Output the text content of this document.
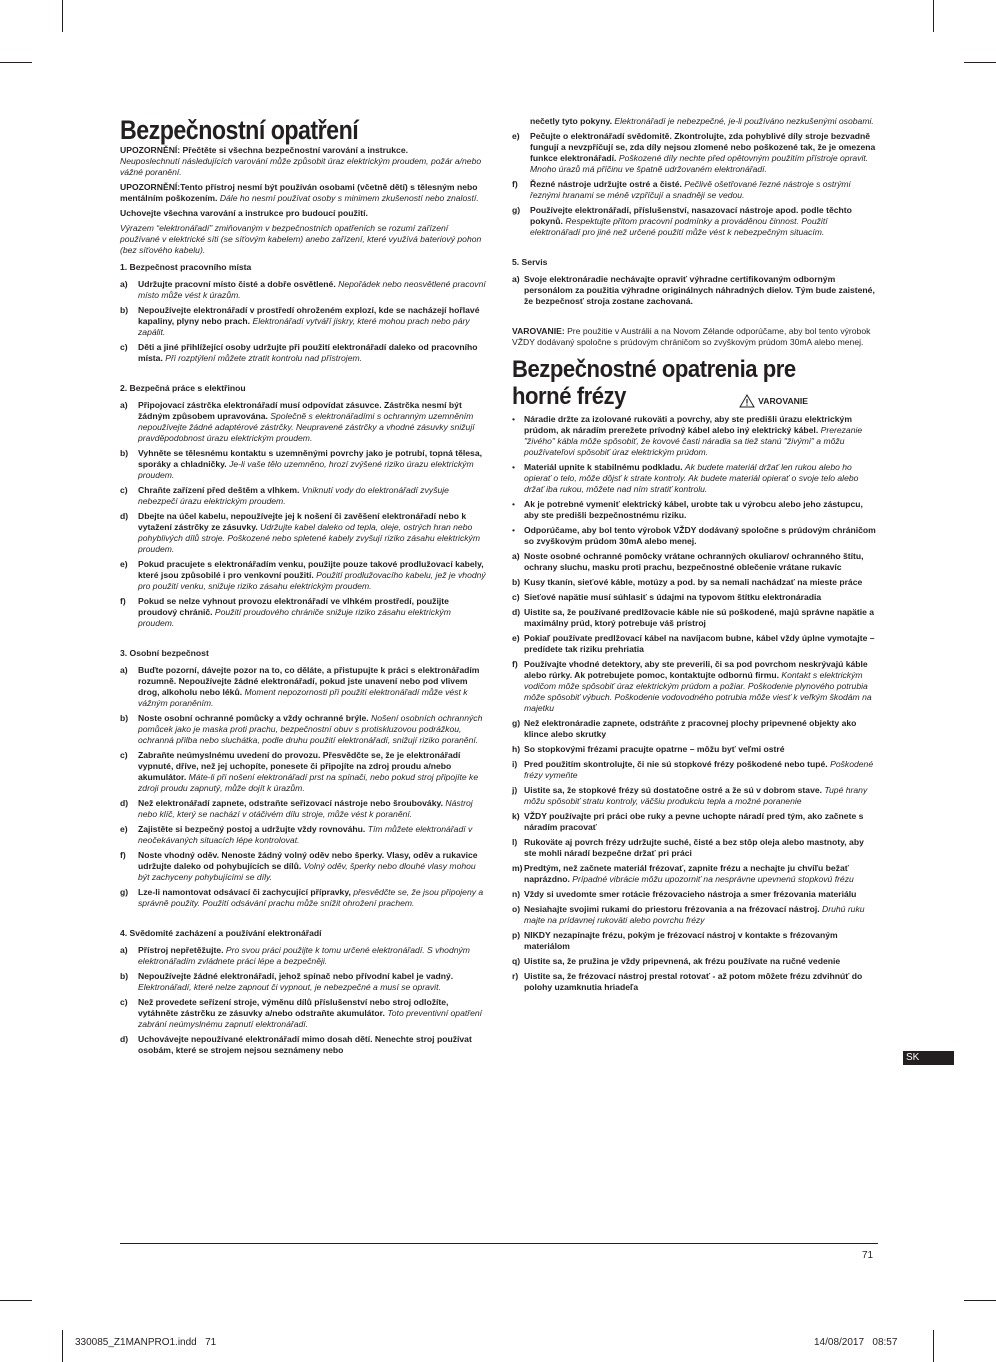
Bezpečnostní opatření
UPOZORNĚNÍ: Přečtěte si všechna bezpečnostní varování a instrukce.
Neuposlechnutí následujících varování může způsobit úraz elektrickým proudem, požár a/nebo vážné poranění.
UPOZORNĚNÍ:Tento přístroj nesmí být používán osobami (včetně dětí) s tělesným nebo mentálním poškozením. Dále ho nesmí používat osoby s minimem zkušeností nebo znalostí.
Uchovejte všechna varování a instrukce pro budoucí použití.
Výrazem “elektronářadí” zmiňovaným v bezpečnostních opatřeních se rozumí zařízení používané v elektrické síti (se síťovým kabelem) anebo zařízení, které využívá bateriový pohon (bez síťového kabelu).
1. Bezpečnost pracovního místa
a)	Udržujte pracovní místo čisté a dobře osvětlené. Nepořádek nebo neosvětlené pracovní místo může vést k úrazům.
b)	Nepoužívejte elektronářadí v prostředí ohroženém explozí, kde se nacházejí hořlavé kapaliny, plyny nebo prach. Elektronářadí vytváří jiskry, které mohou prach nebo páry zapálit.
c)	Děti a jiné přihlížející osoby udržujte při použití elektronářadí daleko od pracovního místa. Při rozptýlení můžete ztratit kontrolu nad přístrojem.
2. Bezpečná práce s elektřinou
a)	Připojovací zástrčka elektronářadí musí odpovídat zásuvce. Zástrčka nesmí být žádným způsobem upravována. Společně s elektronářadími s ochranným uzemněním nepoužívejte žádné adaptérové zástrčky. Neupravené zástrčky a vhodné zásuvky snižují pravděpodobnost úrazu elektrickým proudem.
b)	Vyhněte se tělesnému kontaktu s uzemněnými povrchy jako je potrubí, topná tělesa, sporáky a chladničky. Je-li vaše tělo uzemněno, hrozí zvýšené riziko úrazu elektrickým proudem.
c)	Chraňte zařízení před deštěm a vlhkem. Vniknutí vody do elektronářadí zvyšuje nebezpečí úrazu elektrickým proudem.
d)	Dbejte na účel kabelu, nepoužívejte jej k nošení či zavěšení elektronářadí nebo k vytažení zástrčky ze zásuvky. Udržujte kabel daleko od tepla, oleje, ostrých hran nebo pohyblivých dílů stroje. Poškozené nebo spletené kabely zvyšují riziko zásahu elektrickým proudem.
e)	Pokud pracujete s elektronářadím venku, použijte pouze takové prodlužovací kabely, které jsou způsobilé i pro venkovní použití. Použití prodlužovacího kabelu, jež je vhodný pro použití venku, snižuje riziko zásahu elektrickým proudem.
f)	Pokud se nelze vyhnout provozu elektronářadí ve vlhkém prostředí, použijte proudový chránič. Použití proudového chrániče snižuje riziko zásahu elektrickým proudem.
3. Osobní bezpečnost
a)	Buďte pozorní, dávejte pozor na to, co děláte, a přistupujte k práci s elektronářadím rozumně. Nepoužívejte žádné elektronářadí, pokud jste unavení nebo pod vlivem drog, alkoholu nebo léků. Moment nepozornosti při použití elektronářadí může vést k vážným poraněním.
b)	Noste osobní ochranné pomůcky a vždy ochranné brýle. Nošení osobních ochranných pomůcek jako je maska proti prachu, bezpečnostní obuv s protiskluzovou podrážkou, ochranná přilba nebo sluchátka, podle druhu použití elektronářadí, snižují riziko poranění.
c)	Zabraňte neúmyslnému uvedení do provozu. Přesvědčte se, že je elektronářadí vypnuté, dříve, než jej uchopíte, ponesete či připojíte na zdroj proudu a/nebo akumulátor. Máte-li při nošení elektronářadí prst na spínači, nebo pokud stroj připojíte ke zdroji proudu zapnutý, může dojít k úrazům.
d)	Než elektronářadí zapnete, odstraňte seřizovací nástroje nebo šroubováky. Nástroj nebo klíč, který se nachází v otáčivém dílu stroje, může vést k poranění.
e)	Zajistěte si bezpečný postoj a udržujte vždy rovnováhu. Tím můžete elektronářadí v neočekávaných situacích lépe kontrolovat.
f)	Noste vhodný oděv. Nenoste žádný volný oděv nebo šperky. Vlasy, oděv a rukavice udržujte daleko od pohybujících se dílů. Volný oděv, šperky nebo dlouhé vlasy mohou být zachyceny pohybujícími se díly.
g)	Lze-li namontovat odsávací či zachycující přípravky, přesvědčte se, že jsou připojeny a správně použity. Použití odsávání prachu může snížit ohrožení prachem.
4. Svědomité zacházení a používání elektronářadí
a)	Přístroj nepřetěžujte. Pro svou práci použijte k tomu určené elektronářadí. S vhodným elektronářadím zvládnete práci lépe a bezpečněji.
b)	Nepoužívejte žádné elektronářadí, jehož spínač nebo přívodní kabel je vadný. Elektronářadí, které nelze zapnout či vypnout, je nebezpečné a musí se opravit.
c)	Než provedete seřízení stroje, výměnu dílů příslušenství nebo stroj odložíte, vytáhněte zástrčku ze zásuvky a/nebo odstraňte akumulátor. Toto preventivní opatření zabrání neúmyslnému zapnutí elektronářadí.
d)	Uchovávejte nepoužívané elektronářadí mimo dosah dětí. Nenechte stroj používat osobám, které se strojem nejsou seznámeny nebo
nečetly tyto pokyny. Elektronářadí je nebezpečné, je-li používáno nezkušenými osobami.
e)	Pečujte o elektronářadí svědomitě. Zkontrolujte, zda pohyblivé díly stroje bezvadně fungují a nevzpříčují se, zda díly nejsou zlomené nebo poškozené tak, že je omezena funkce elektronářadí. Poškozené díly nechte před opětovným použitím přístroje opravit. Mnoho úrazů má příčinu ve špatně udržovaném elektronářadí.
f)	Řezné nástroje udržujte ostré a čisté. Pečlivě ošetřované řezné nástroje s ostrými řeznými hranami se méně vzpříčují a snadněji se vedou.
g)	Používejte elektronářadí, příslušenství, nasazovací nástroje apod. podle těchto pokynů. Respektujte přitom pracovní podmínky a prováděnou činnost. Použití elektronářadí pro jiné než určené použití může vést k nebezpečným situacím.
5. Servis
a) Svoje elektronáradie nechávajte opraviť výhradne certifikovaným odborným personálom za použitia výhradne originálnych náhradných dielov. Tým bude zaistené, že bezpečnosť stroja zostane zachovaná.
VAROVANIE: Pre použitie v Austrálii a na Novom Zélande odporúčame, aby bol tento výrobok VŽDY dodávaný spoločne s prúdovým chráničom so zvyškovým prúdom 30mA alebo menej.
Bezpečnostné opatrenia pre horné frézy	VAROVANIE
•	Náradie držte za izolované rukoväti a povrchy, aby ste predišli úrazu elektrickým prúdom, ak náradím prerežete prívodný kábel alebo iný elektrický kábel. Prerezanie "živého" kábla môže spôsobiť, že kovové časti náradia sa tiež stanú "živými" a môžu používateľovi spôsobiť úraz elektrickým prúdom.
•	Materiál upnite k stabilnému podkladu. Ak budete materiál držať len rukou alebo ho opierať o telo, môže dôjsť k strate kontroly. Ak budete materiál opierať o svoje telo alebo držať iba rukou, môžete nad ním stratiť kontrolu.
•	Ak je potrebné vymeniť elektrický kábel, urobte tak u výrobcu alebo jeho zástupcu, aby ste predišli bezpečnostnému riziku.
•	Odporúčame, aby bol tento výrobok VŽDY dodávaný spoločne s prúdovým chráničom so zvyškovým prúdom 30mA alebo menej.
a) Noste osobné ochranné pomôcky vrátane ochranných okuliarov/ ochranného štítu, ochrany sluchu, masku proti prachu, bezpečnostné oblečenie vrátane rukavíc
b) Kusy tkanín, sieťové káble, motúzy a pod. by sa nemali nachádzať na mieste práce
c) Sieťové napätie musí súhlasiť s údajmi na typovom štítku elektronáradia
d) Uistite sa, že používané predlžovacie káble nie sú poškodené, majú správne napätie a maximálny prúd, ktorý potrebuje váš prístroj
e) Pokiaľ používate predlžovací kábel na navíjacom bubne, kábel vždy úplne vymotajte – predídete tak riziku prehriatia
f) Používajte vhodné detektory, aby ste preverili, či sa pod povrchom neskrývajú káble alebo rúrky. Ak potrebujete pomoc, kontaktujte odbornú firmu. Kontakt s elektrickým vodičom môže spôsobiť úraz elektrickým prúdom a požiar. Poškodenie plynového potrubia môže spôsobiť výbuch. Poškodenie vodovodného potrubia môže viesť k veľkým škodám na majetku
g) Než elektronáradie zapnete, odstráňte z pracovnej plochy pripevnené objekty ako klince alebo skrutky
h) So stopkovými frézami pracujte opatrne – môžu byť veľmi ostré
i) Pred použitím skontrolujte, či nie sú stopkové frézy poškodené nebo tupé. Poškodené frézy vymeňte
j) Uistite sa, že stopkové frézy sú dostatočne ostré a že sú v dobrom stave. Tupé hrany môžu spôsobiť stratu kontroly, väčšiu produkciu tepla a možné poranenie
k) VŽDY používajte pri práci obe ruky a pevne uchopte náradí pred tým, ako začnete s náradím pracovať
l) Rukoväte aj povrch frézy udržujte suché, čisté a bez stôp oleja alebo mastnoty, aby ste mohli náradí bezpečne držať pri práci
m) Predtým, než začnete materiál frézovať, zapnite frézu a nechajte ju chvíľu bežať naprázdno. Prípadné vibrácie môžu upozorniť na nesprávne upevnenú stopkovú frézu
n) Vždy si uvedomte smer rotácie frézovacieho nástroja a smer frézovania materiálu
o) Nesiahajte svojimi rukami do priestoru frézovania a na frézovací nástroj. Druhú ruku majte na prídavnej rukoväti alebo povrchu frézy
p) NIKDY nezapínajte frézu, pokým je frézovací nástroj v kontakte s frézovaným materiálom
q) Uistite sa, že pružina je vždy pripevnená, ak frézu používate na ručné vedenie
r) Uistite sa, že frézovací nástroj prestal rotovať - až potom môžete frézu zdvihnúť do polohy uzamknutia hriadeľa
SK
71
330085_Z1MANPRO1.indd   71	14/08/2017   08:57
